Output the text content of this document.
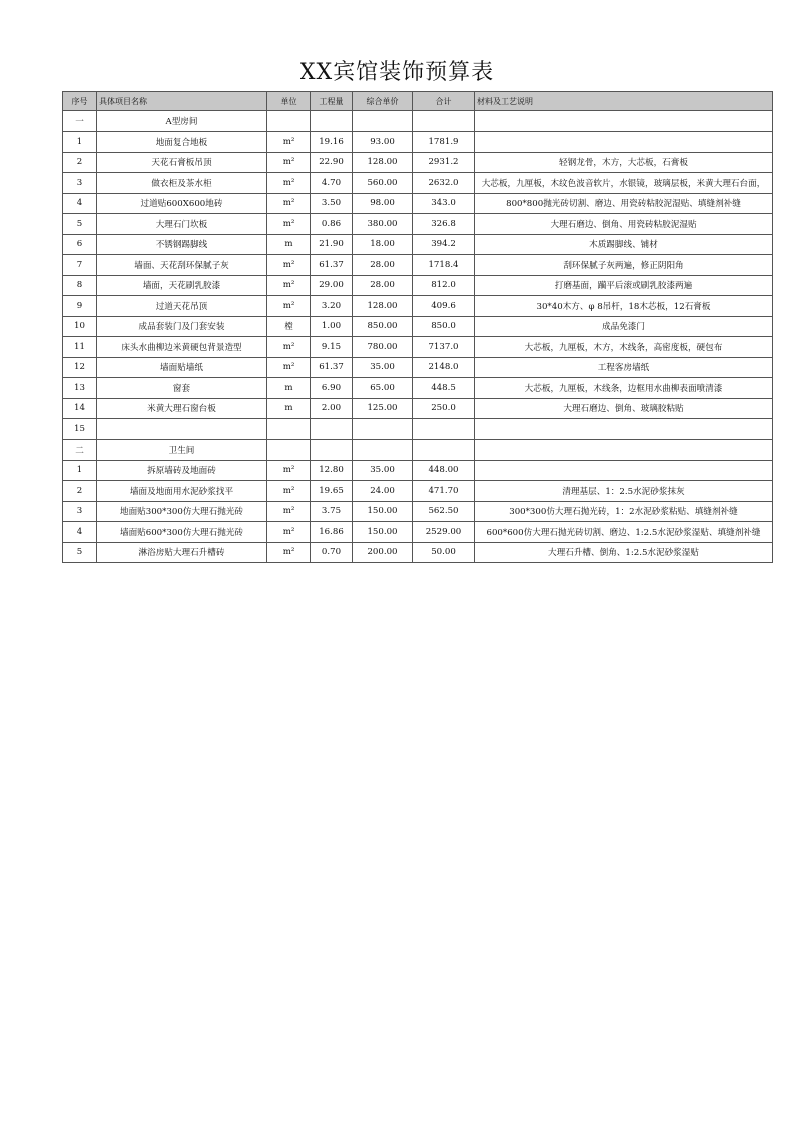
XX宾馆装饰预算表
序号	具体项目名称	单位	工程量	综合单价	合计	材料及工艺说明
一	A型房间					
1	地面复合地板	m²	19.16	93.00	1781.9	
2	天花石膏板吊顶	m²	22.90	128.00	2931.2	轻钢龙骨，木方，大芯板，石膏板
3	做衣柜及茶水柜	m²	4.70	560.00	2632.0	大芯板，九厘板，木纹色波音软片，水银镜，玻璃层板，米黄大理石台面，
4	过道贴600X600地砖	m²	3.50	98.00	343.0	800*800抛光砖切割、磨边、用瓷砖粘胶泥湿贴、填缝剂补缝
5	大理石门坎板	m²	0.86	380.00	326.8	大理石磨边、倒角、用瓷砖粘胶泥湿贴
6	不锈钢踢脚线	m	21.90	18.00	394.2	木质踢脚线、铺材
7	墙面、天花刮环保腻子灰	m²	61.37	28.00	1718.4	刮环保腻子灰两遍，修正阴阳角
8	墙面，天花刷乳胶漆	m²	29.00	28.00	812.0	打磨基面，躏平后滚或刷乳胶漆两遍
9	过道天花吊顶	m²	3.20	128.00	409.6	30*40木方、φ 8吊杆，18木芯板，12石膏板
10	成品套装门及门套安装	樘	1.00	850.00	850.0	成品免漆门
11	床头水曲柳边米黄硬包背景造型	m²	9.15	780.00	7137.0	大芯板，九厘板，木方，木线条，高密度板，硬包布
12	墙面贴墙纸	m²	61.37	35.00	2148.0	工程客房墙纸
13	窗套	m	6.90	65.00	448.5	大芯板，九厘板，木线条，边框用水曲柳表面喷清漆
14	米黄大理石窗台板	m	2.00	125.00	250.0	大理石磨边、倒角、玻璃胶粘贴
15						
二	卫生间					
1	拆原墙砖及地面砖	m²	12.80	35.00	448.00	
2	墙面及地面用水泥砂浆找平	m²	19.65	24.00	471.70	清理基层、1：2.5水泥砂浆抹灰
3	地面贴300*300仿大理石抛光砖	m²	3.75	150.00	562.50	300*300仿大理石抛光砖，1：2水泥砂浆粘贴、填缝剂补缝
4	墙面贴600*300仿大理石抛光砖	m²	16.86	150.00	2529.00	600*600仿大理石抛光砖切割、磨边、1:2.5水泥砂浆湿贴、填缝剂补缝
5	淋浴房贴大理石升槽砖	m²	0.70	200.00	50.00	大理石升槽、倒角、1:2.5水泥砂浆湿贴
